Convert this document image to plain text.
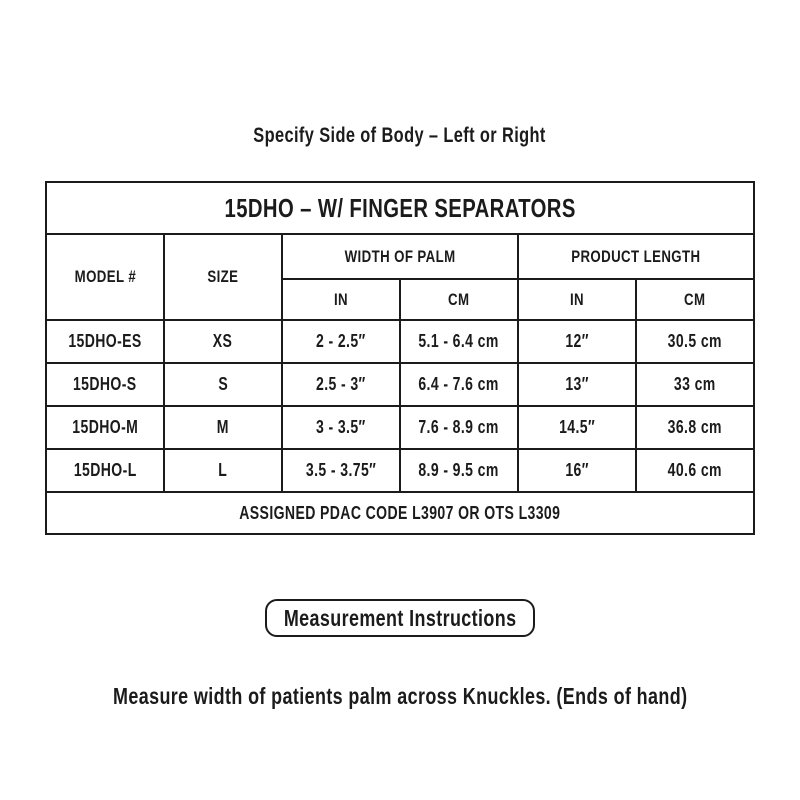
Specify Side of Body – Left or Right
15DHO – W/ FINGER SEPARATORS					
MODEL #	SIZE	WIDTH OF PALM		PRODUCT LENGTH	
		IN	CM	IN	CM
15DHO-ES	XS	2 - 2.5″	5.1 - 6.4 cm	12″	30.5 cm
15DHO-S	S	2.5 - 3″	6.4 - 7.6 cm	13″	33 cm
15DHO-M	M	3 - 3.5″	7.6 - 8.9 cm	14.5″	36.8 cm
15DHO-L	L	3.5 - 3.75″	8.9 - 9.5 cm	16″	40.6 cm
ASSIGNED PDAC CODE L3907 OR OTS L3309					
Measurement Instructions
Measure width of patients palm across Knuckles. (Ends of hand)
